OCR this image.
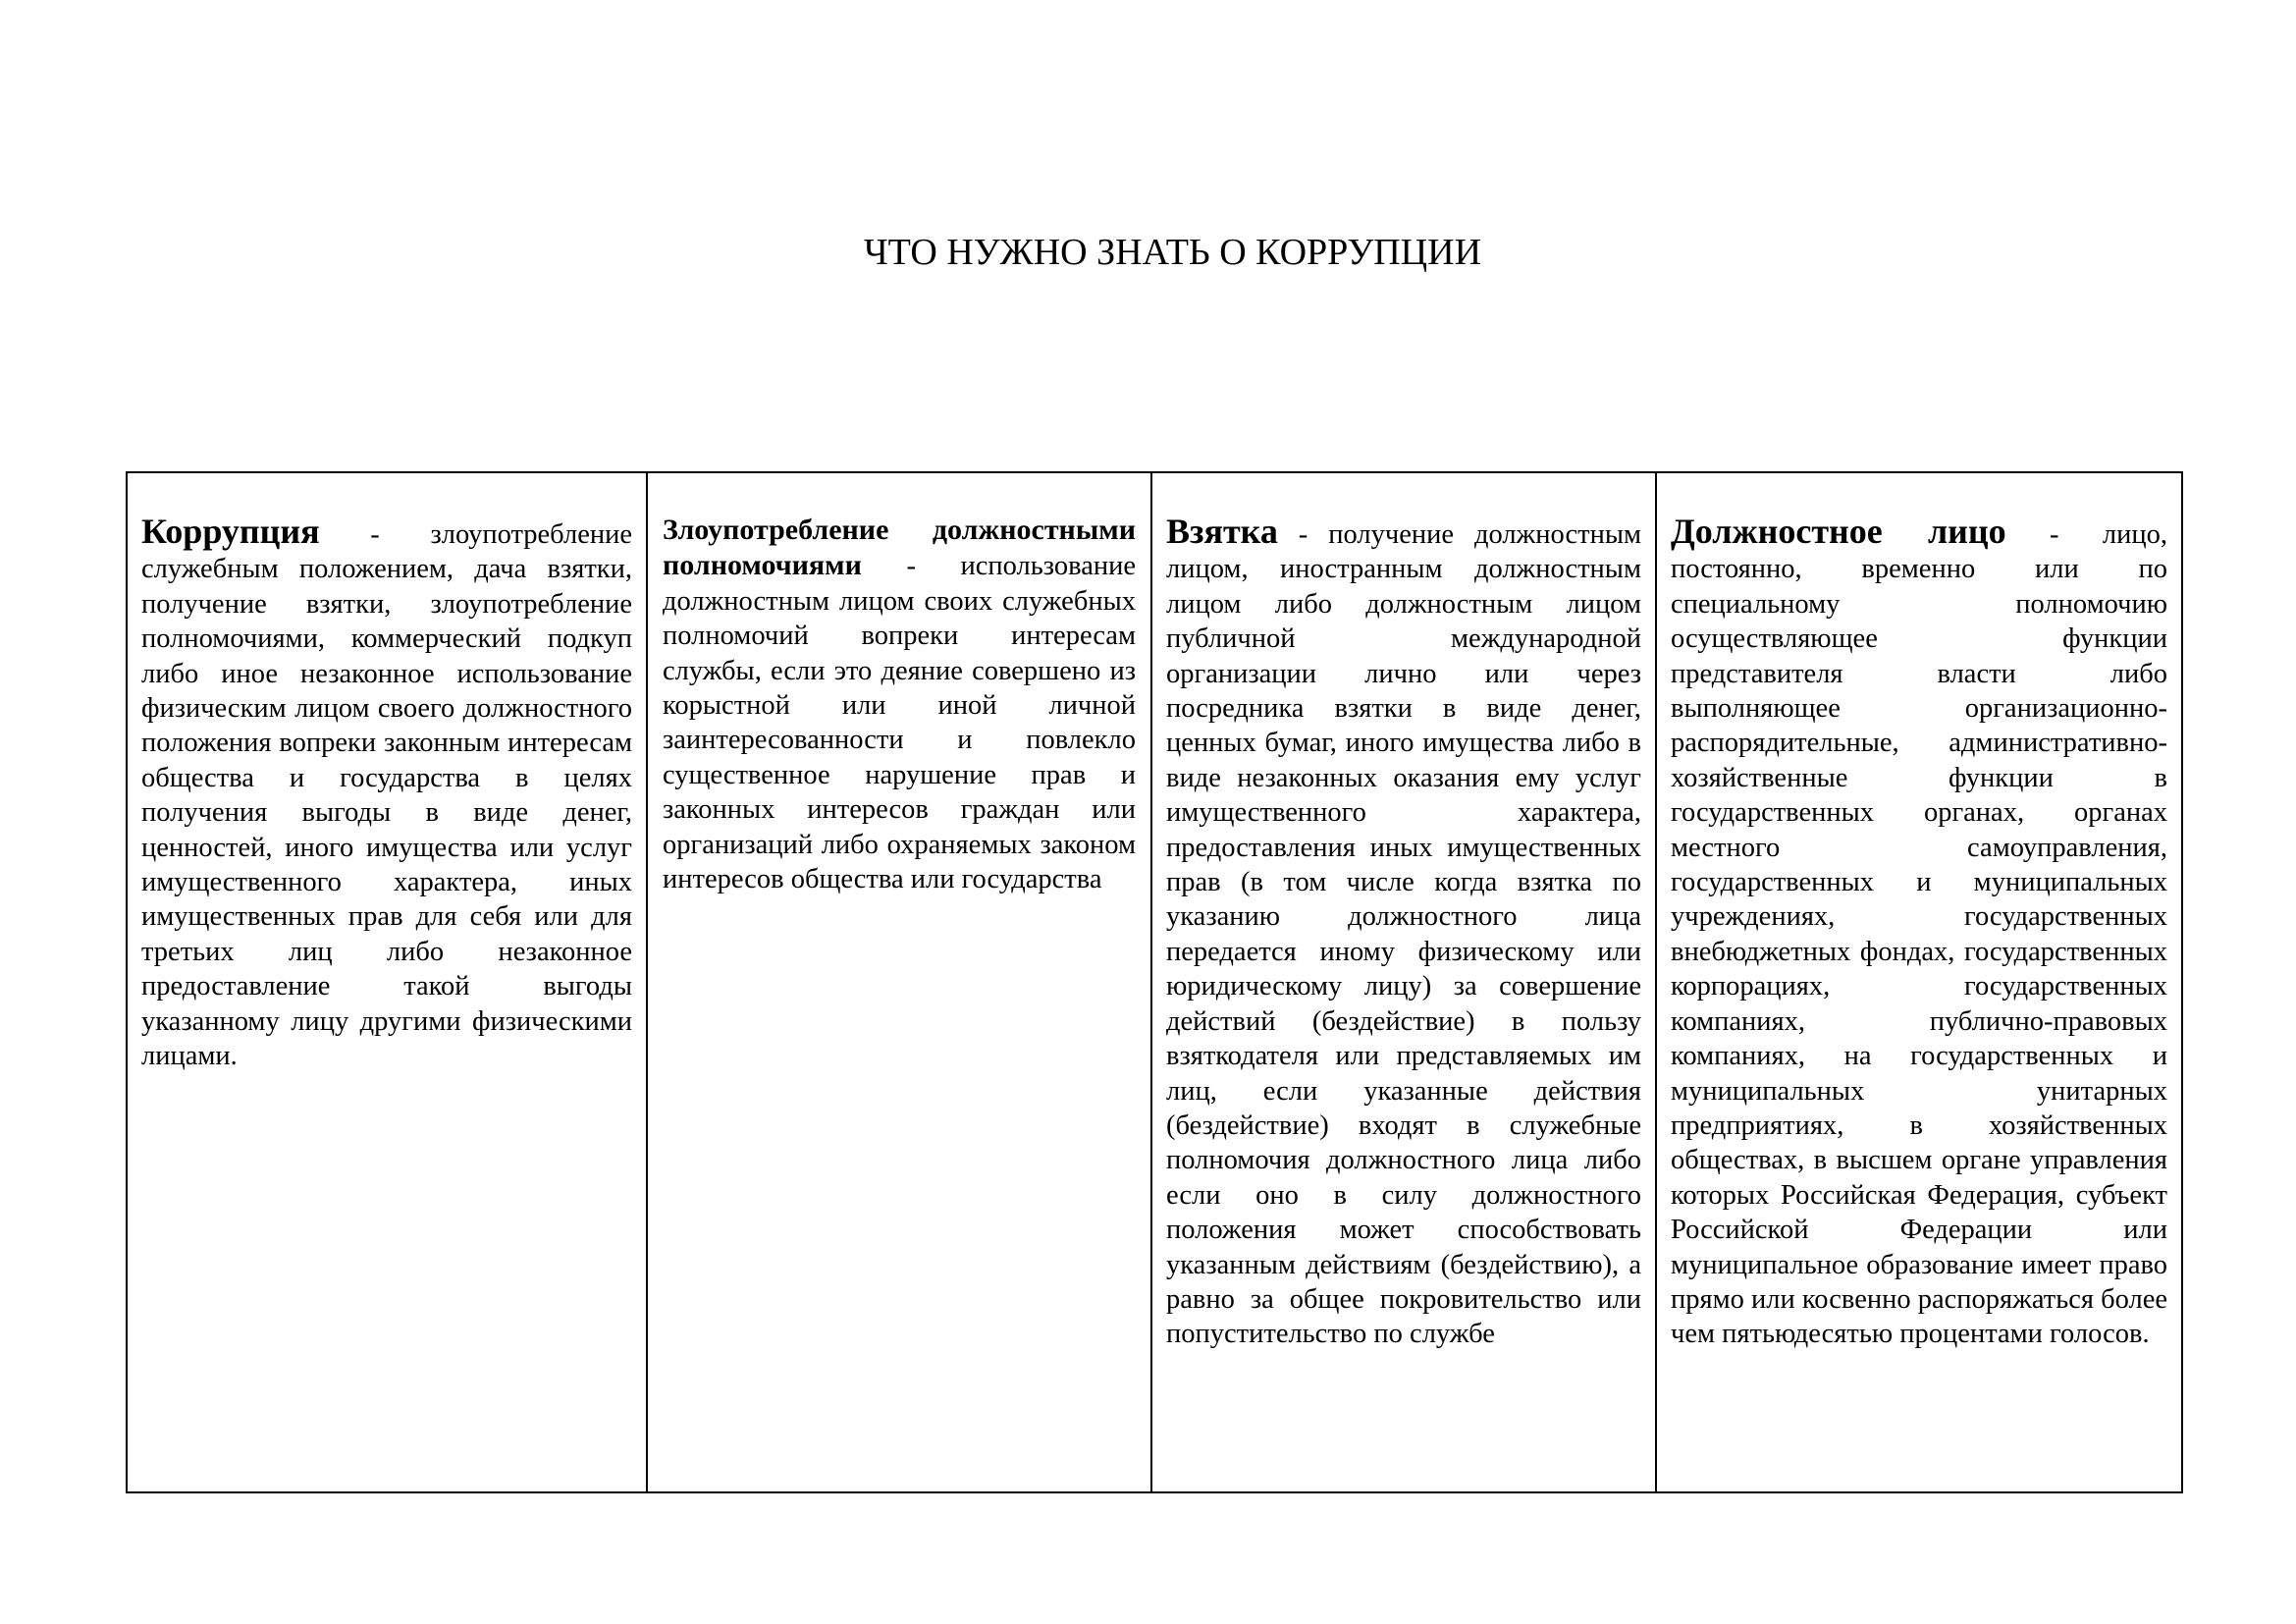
ЧТО НУЖНО ЗНАТЬ О КОРРУПЦИИ
Коррупция - злоупотребление служебным положением, дача взятки, получение взятки, злоупотребление полномочиями, коммерческий подкуп либо иное незаконное использование физическим лицом своего должностного положения вопреки законным интересам общества и государства в целях получения выгоды в виде денег, ценностей, иного имущества или услуг имущественного характера, иных имущественных прав для себя или для третьих лиц либо незаконное предоставление такой выгоды указанному лицу другими физическими лицами.

Злоупотребление должностными полномочиями - использование должностным лицом своих служебных полномочий вопреки интересам службы, если это деяние совершено из корыстной или иной личной заинтересованности и повлекло существенное нарушение прав и законных интересов граждан или организаций либо охраняемых законом интересов общества или государства

Взятка - получение должностным лицом, иностранным должностным лицом либо должностным лицом публичной международной организации лично или через посредника взятки в виде денег, ценных бумаг, иного имущества либо в виде незаконных оказания ему услуг имущественного характера, предоставления иных имущественных прав (в том числе когда взятка по указанию должностного лица передается иному физическому или юридическому лицу) за совершение действий (бездействие) в пользу взяткодателя или представляемых им лиц, если указанные действия (бездействие) входят в служебные полномочия должностного лица либо если оно в силу должностного положения может способствовать указанным действиям (бездействию), а равно за общее покровительство или попустительство по службе

Должностное лицо - лицо, постоянно, временно или по специальному полномочию осуществляющее функции представителя власти либо выполняющее организационно-распорядительные, административно-хозяйственные функции в государственных органах, органах местного самоуправления, государственных и муниципальных учреждениях, государственных внебюджетных фондах, государственных корпорациях, государственных компаниях, публично-правовых компаниях, на государственных и муниципальных унитарных предприятиях, в хозяйственных обществах, в высшем органе управления которых Российская Федерация, субъект Российской Федерации или муниципальное образование имеет право прямо или косвенно распоряжаться более чем пятьюдесятью процентами голосов.
